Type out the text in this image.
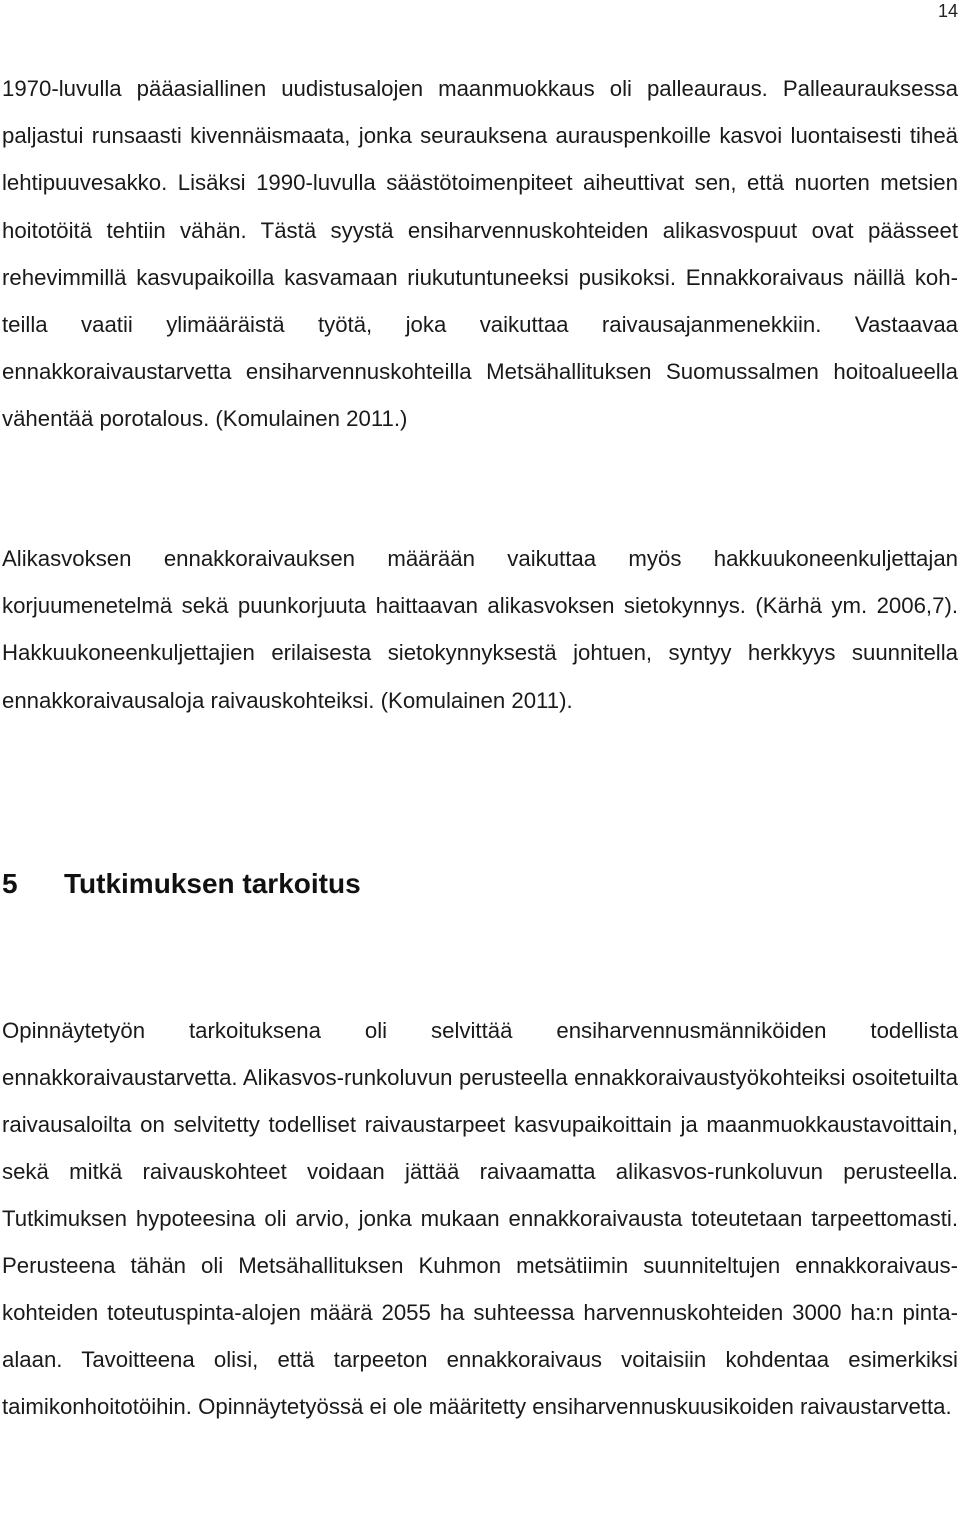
14

1970-luvulla pääasiallinen uudistusalojen maanmuokkaus oli palleauraus. Palleaurauksessa paljastui runsaasti kivennäismaata, jonka seurauksena aurauspenkoille kasvoi luontaisesti tiheä lehtipuuvesakko. Lisäksi 1990-luvulla säästötoimenpiteet aiheuttivat sen, että nuorten metsien hoitotöitä tehtiin vähän. Tästä syystä ensiharvennuskohteiden alikasvospuut ovat päässeet rehevimmillä kasvupaikoilla kasvamaan riukutuntuneeksi pusikoksi. Ennakkoraivaus näillä kohteilla vaatii ylimääräistä työtä, joka vaikuttaa raivausajanmenekkiin. Vastaavaa ennakkoraivaustarvetta ensiharvennuskohteilla Metsähallituksen Suomussalmen hoitoalueella vähentää porotalous. (Komulainen 2011.)

Alikasvoksen ennakkoraivauksen määrään vaikuttaa myös hakkuukoneenkuljettajan korjuumenetelmä sekä puunkorjuuta haittaavan alikasvoksen sietokynnys. (Kärhä ym. 2006,7). Hakkuukoneenkuljettajien erilaisesta sietokynnyksestä johtuen, syntyy herkkyys suunnitella ennakkoraivausaloja raivauskohteiksi. (Komulainen 2011).

5 Tutkimuksen tarkoitus

Opinnäytetyön tarkoituksena oli selvittää ensiharvennusmänniköiden todellista ennakkoraivaustarvetta. Alikasvos-runkoluvun perusteella ennakkoraivaustyökohteiksi osoitetuilta raivausaloilta on selvitetty todelliset raivaustarpeet kasvupaikoittain ja maanmuokkaustavoittain, sekä mitkä raivauskohteet voidaan jättää raivaamatta alikasvos-runkoluvun perusteella. Tutkimuksen hypoteesina oli arvio, jonka mukaan ennakkoraivausta toteutetaan tarpeettomasti. Perusteena tähän oli Metsähallituksen Kuhmon metsätiimin suunniteltujen ennakkoraivauskohteiden toteutuspinta-alojen määrä 2055 ha suhteessa harvennuskohteiden 3000 ha:n pinta-alaan. Tavoitteena olisi, että tarpeeton ennakkoraivaus voitaisiin kohdentaa esimerkiksi taimikonhoitotöihin. Opinnäytetyössä ei ole määritetty ensiharvennuskuusikoiden raivaustarvetta.
